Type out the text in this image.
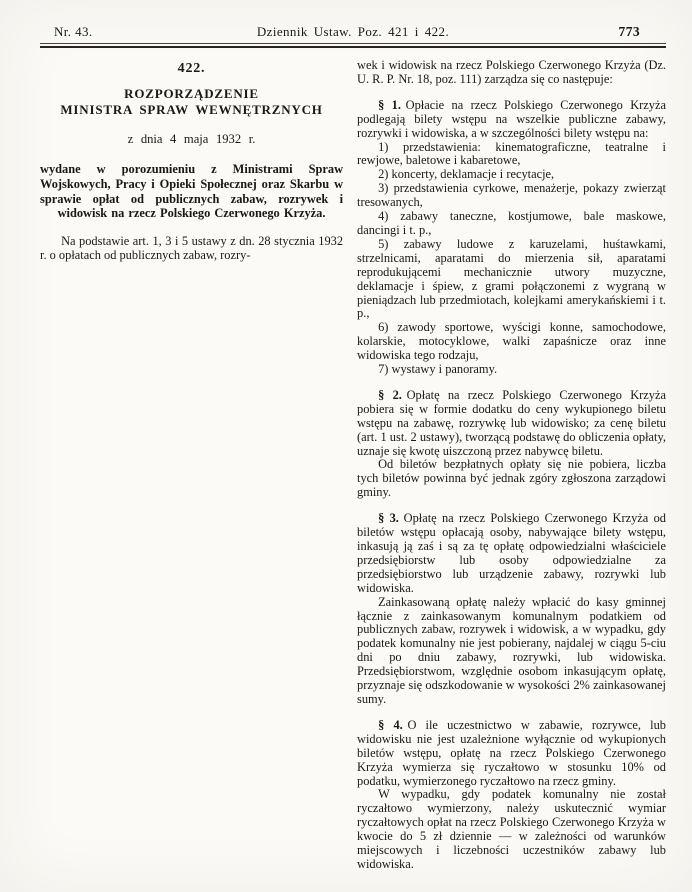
Nr. 43.	Dziennik Ustaw. Poz. 421 i 422.	773

422.

ROZPORZĄDZENIE
MINISTRA SPRAW WEWNĘTRZNYCH

z dnia 4 maja 1932 r.

wydane w porozumieniu z Ministrami Spraw Wojskowych, Pracy i Opieki Społecznej oraz Skarbu w sprawie opłat od publicznych zabaw, rozrywek i widowisk na rzecz Polskiego Czerwonego Krzyża.

Na podstawie art. 1, 3 i 5 ustawy z dn. 28 stycznia 1932 r. o opłatach od publicznych zabaw, rozry-

wek i widowisk na rzecz Polskiego Czerwonego Krzyża (Dz. U. R. P. Nr. 18, poz. 111) zarządza się co następuje:

§ 1. Opłacie na rzecz Polskiego Czerwonego Krzyża podlegają bilety wstępu na wszelkie publiczne zabawy, rozrywki i widowiska, a w szczególności bilety wstępu na:

1) przedstawienia: kinematograficzne, teatralne i rewjowe, baletowe i kabaretowe,

2) koncerty, deklamacje i recytacje,

3) przedstawienia cyrkowe, menażerje, pokazy zwierząt tresowanych,

4) zabawy taneczne, kostjumowe, bale maskowe, dancingi i t. p.,

5) zabawy ludowe z karuzelami, huśtawkami, strzelnicami, aparatami do mierzenia sił, aparatami reprodukującemi mechanicznie utwory muzyczne, deklamacje i śpiew, z grami połączonemi z wygraną w pieniądzach lub przedmiotach, kolejkami amerykańskiemi i t. p.,

6) zawody sportowe, wyścigi konne, samochodowe, kolarskie, motocyklowe, walki zapaśnicze oraz inne widowiska tego rodzaju,

7) wystawy i panoramy.

§ 2. Opłatę na rzecz Polskiego Czerwonego Krzyża pobiera się w formie dodatku do ceny wykupionego biletu wstępu na zabawę, rozrywkę lub widowisko; za cenę biletu (art. 1 ust. 2 ustawy), tworzącą podstawę do obliczenia opłaty, uznaje się kwotę uiszczoną przez nabywcę biletu.

Od biletów bezpłatnych opłaty się nie pobiera, liczba tych biletów powinna być jednak zgóry zgłoszona zarządowi gminy.

§ 3. Opłatę na rzecz Polskiego Czerwonego Krzyża od biletów wstępu opłacają osoby, nabywające bilety wstępu, inkasują ją zaś i są za tę opłatę odpowiedzialni właściciele przedsiębiorstw lub osoby odpowiedzialne za przedsiębiorstwo lub urządzenie zabawy, rozrywki lub widowiska.

Zainkasowaną opłatę należy wpłacić do kasy gminnej łącznie z zainkasowanym komunalnym podatkiem od publicznych zabaw, rozrywek i widowisk, a w wypadku, gdy podatek komunalny nie jest pobierany, najdalej w ciągu 5-ciu dni po dniu zabawy, rozrywki, lub widowiska. Przedsiębiorstwom, względnie osobom inkasującym opłatę, przyznaje się odszkodowanie w wysokości 2% zainkasowanej sumy.

§ 4. O ile uczestnictwo w zabawie, rozrywce, lub widowisku nie jest uzależnione wyłącznie od wykupionych biletów wstępu, opłatę na rzecz Polskiego Czerwonego Krzyża wymierza się ryczałtowo w stosunku 10% od podatku, wymierzonego ryczałtowo na rzecz gminy.

W wypadku, gdy podatek komunalny nie został ryczałtowo wymierzony, należy uskutecznić wymiar ryczałtowych opłat na rzecz Polskiego Czerwonego Krzyża w kwocie do 5 zł dziennie — w zależności od warunków miejscowych i liczebności uczestników zabawy lub widowiska.
